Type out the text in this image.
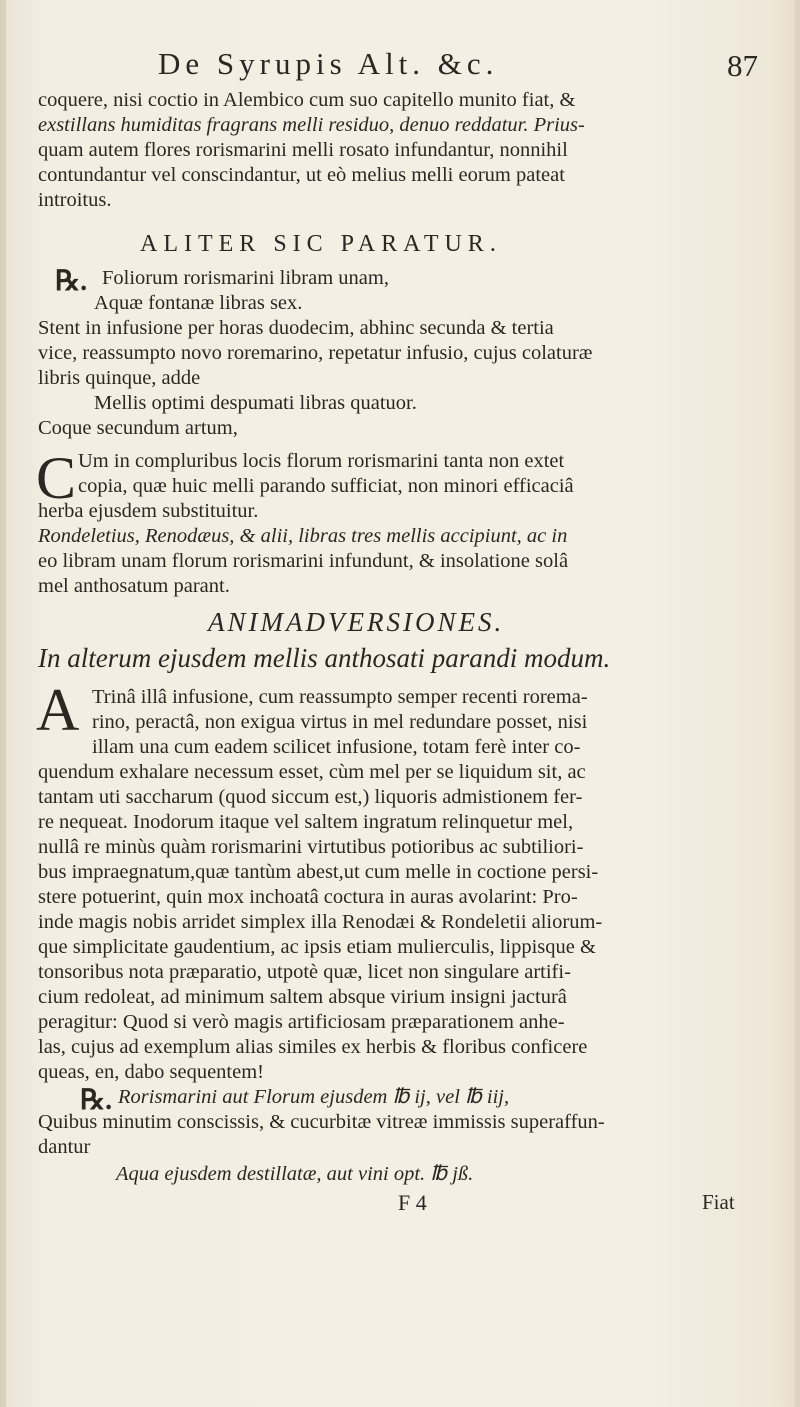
De Syrupis Alt. &c.	87
coquere, nisi coctio in Alembico cum suo capitello munito fiat, &
exstillans humiditas fragrans melli residuo, denuo reddatur. Prius-
quam autem flores rorismarini melli rosato infundantur, nonnihil
contundantur vel conscindantur, ut eò melius melli eorum pateat
introitus.
ALITER SIC PARATUR.
℞. Foliorum rorismarini libram unam,
Aquæ fontanæ libras sex.
Stent in infusione per horas duodecim, abhinc secunda & tertia
vice, reassumpto novo roremarino, repetatur infusio, cujus colaturæ
libris quinque, adde
Mellis optimi despumati libras quatuor.
Coque secundum artum,
C Um in compluribus locis florum rorismarini tanta non extet
copia, quæ huic melli parando sufficiat, non minori efficaciâ
herba ejusdem substituitur.
Rondeletius, Renodæus, & alii, libras tres mellis accipiunt, ac in
eo libram unam florum rorismarini infundunt, & insolatione solâ
mel anthosatum parant.
ANIMADVERSIONES.
In alterum ejusdem mellis anthosati parandi modum.
A Trinâ illâ infusione, cum reassumpto semper recenti rorema-
rino, peractâ, non exigua virtus in mel redundare posset, nisi
illam una cum eadem scilicet infusione, totam ferè inter co-
quendum exhalare necessum esset, cùm mel per se liquidum sit, ac
tantam uti saccharum (quod siccum est,) liquoris admistionem fer-
re nequeat. Inodorum itaque vel saltem ingratum relinquetur mel,
nullâ re minùs quàm rorismarini virtutibus potioribus ac subtiliori-
bus impraegnatum,quæ tantùm abest,ut cum melle in coctione persi-
stere potuerint, quin mox inchoatâ coctura in auras avolarint: Pro-
inde magis nobis arridet simplex illa Renodæi & Rondeletii aliorum-
que simplicitate gaudentium, ac ipsis etiam mulierculis, lippisque &
tonsoribus nota præparatio, utpotè quæ, licet non singulare artifi-
cium redoleat, ad minimum saltem absque virium insigni jacturâ
peragitur: Quod si verò magis artificiosam præparationem anhe-
las, cujus ad exemplum alias similes ex herbis & floribus conficere
queas, en, dabo sequentem!
℞. Rorismarini aut Florum ejusdem ℔ ij, vel ℔ iij,
Quibus minutim conscissis, & cucurbitæ vitreæ immissis superaffun-
dantur
Aqua ejusdem destillatæ, aut vini opt. ℔ jß.
F 4	Fiat
